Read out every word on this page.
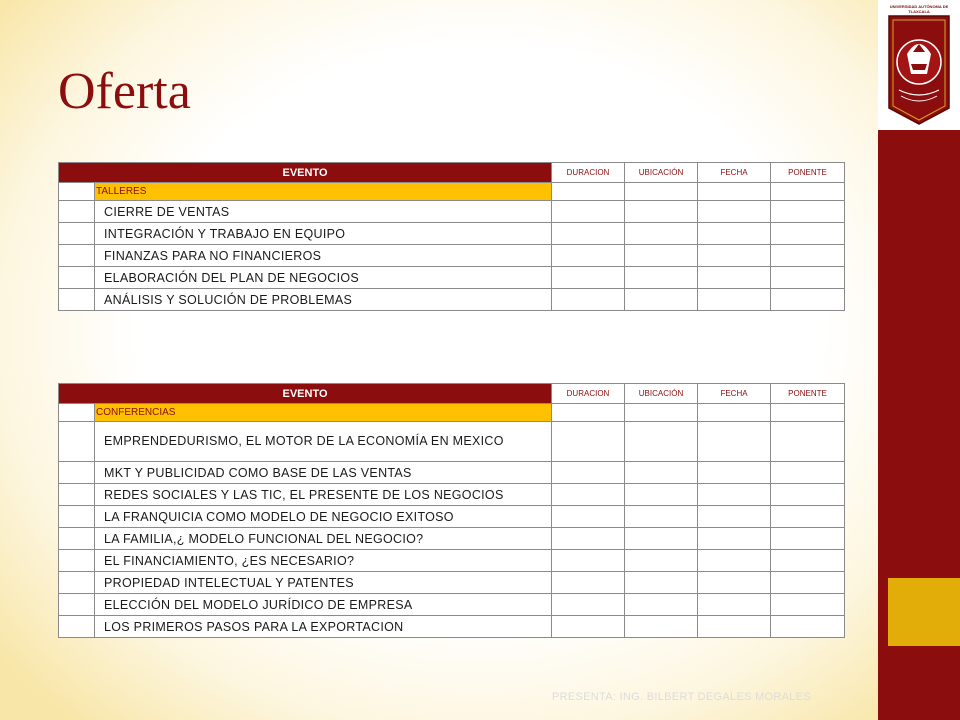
UNIVERSIDAD AUTÓNOMA DE TLAXCALA
Oferta
EVENTO		DURACION	UBICACIÓN	FECHA	PONENTE
	TALLERES				
	CIERRE DE VENTAS				
	INTEGRACIÓN Y TRABAJO EN EQUIPO				
	FINANZAS PARA NO FINANCIEROS				
	ELABORACIÓN DEL PLAN DE NEGOCIOS				
	ANÁLISIS Y SOLUCIÓN DE PROBLEMAS				
EVENTO		DURACION	UBICACIÓN	FECHA	PONENTE
	CONFERENCIAS				
	EMPRENDEDURISMO, EL MOTOR DE LA ECONOMÍA EN MEXICO				
	MKT Y PUBLICIDAD COMO BASE DE LAS VENTAS				
	REDES SOCIALES Y LAS TIC, EL PRESENTE DE LOS NEGOCIOS				
	LA FRANQUICIA COMO MODELO DE NEGOCIO EXITOSO				
	LA FAMILIA,¿ MODELO FUNCIONAL DEL NEGOCIO?				
	EL FINANCIAMIENTO, ¿ES NECESARIO?				
	PROPIEDAD INTELECTUAL Y PATENTES				
	ELECCIÓN DEL MODELO JURÍDICO DE EMPRESA				
	LOS PRIMEROS PASOS PARA LA EXPORTACION				
PRESENTA: ING. BILBERT DEGALES MORALES
